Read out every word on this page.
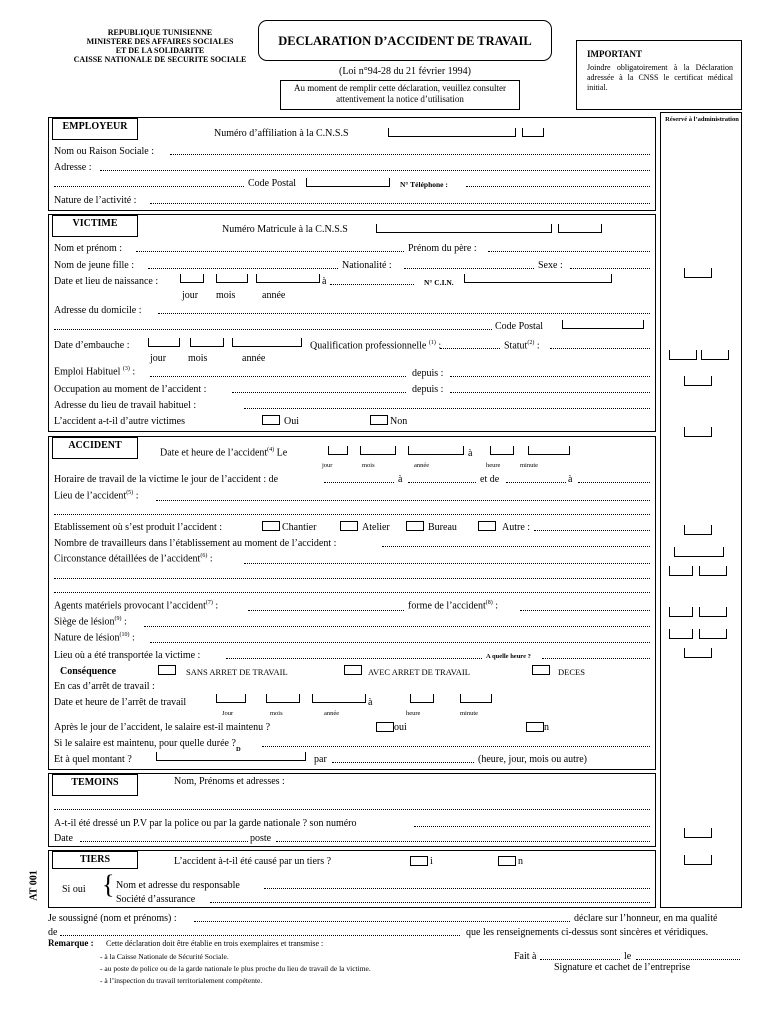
REPUBLIQUE TUNISIENNE
MINISTERE DES AFFAIRES SOCIALES
ET DE LA SOLIDARITE
CAISSE NATIONALE DE SECURITE SOCIALE
DECLARATION D’ACCIDENT DE TRAVAIL
(Loi n°94-28 du 21 février 1994)
Au moment de remplir cette déclaration, veuillez consulter attentivement la notice d’utilisation
IMPORTANT
Joindre obligatoirement à la Déclaration adressée à la CNSS le certificat médical initial.
Réservé à l’administration
EMPLOYEUR
Numéro d’affiliation à la C.N.S.S
Nom ou Raison Sociale :
Adresse :
Code Postal	N° Téléphone :
Nature de l’activité :
VICTIME
Numéro Matricule à la C.N.S.S
Nom et prénom :	Prénom du père :
Nom de jeune fille :	Nationalité :	Sexe :
Date et lieu de naissance :	à	N° C.I.N.
jour mois	année
Adresse du domicile :
Code Postal
Date d’embauche :	Qualification professionnelle $^{(1)}$ :	Statut$^{(2)}$ :
jour mois	année
Emploi Habituel $^{(3)}$ :	depuis :
Occupation au moment de l’accident :	depuis :
Adresse du lieu de travail habituel :
L’accident a-t-il d’autre victimes	Oui	Non
ACCIDENT
Date et heure de l’accident$^{(4)}$ Le	à
jour	mois	année	heure	minute
Horaire de travail de la victime le jour de l’accident : de	à	et de	à
Lieu de l’accident$^{(5)}$ :
Etablissement où s’est produit l’accident :	Chantier	Atelier	Bureau	Autre :
Nombre de travailleurs dans l’établissement au moment de l’accident :
Circonstance détaillées de l’accident$^{(6)}$ :
Agents matériels provocant l’accident$^{(7)}$ :	forme de l’accident$^{(8)}$ :
Siège de lésion$^{(9)}$ :
Nature de lésion$^{(10)}$ :
Lieu où a été transportée la victime :	A quelle heure ?
Conséquence	SANS ARRET DE TRAVAIL	AVEC ARRET DE TRAVAIL	DECES
En cas d’arrêt de travail :
Date et heure de l’arrêt de travail	à
Jour	mois	année	heure	minute
Après le jour de l’accident, le salaire est-il maintenu ?	oui	n
Si le salaire est maintenu, pour quelle durée ?
Et à quel montant ?
D
par	(heure, jour, mois ou autre)
TEMOINS	Nom, Prénoms et adresses :
A-t-il été dressé un P.V par la police ou par la garde nationale ? son numéro
Date	poste
TIERS	L’accident à-t-il été causé par un tiers ?	i	n
Si oui { Nom et adresse du responsable
Société d’assurance
AT 001
Je soussigné (nom et prénoms) :	déclare sur l’honneur, en ma qualité
de	que les renseignements ci-dessus sont sincères et véridiques.
Remarque : Cette déclaration doit être établie en trois exemplaires et transmise :
- à la Caisse Nationale de Sécurité Sociale.
- au poste de police ou de la garde nationale le plus proche du lieu de travail de la victime.
- à l’inspection du travail territorialement compétente.
Fait à	le
Signature et cachet de l’entreprise
